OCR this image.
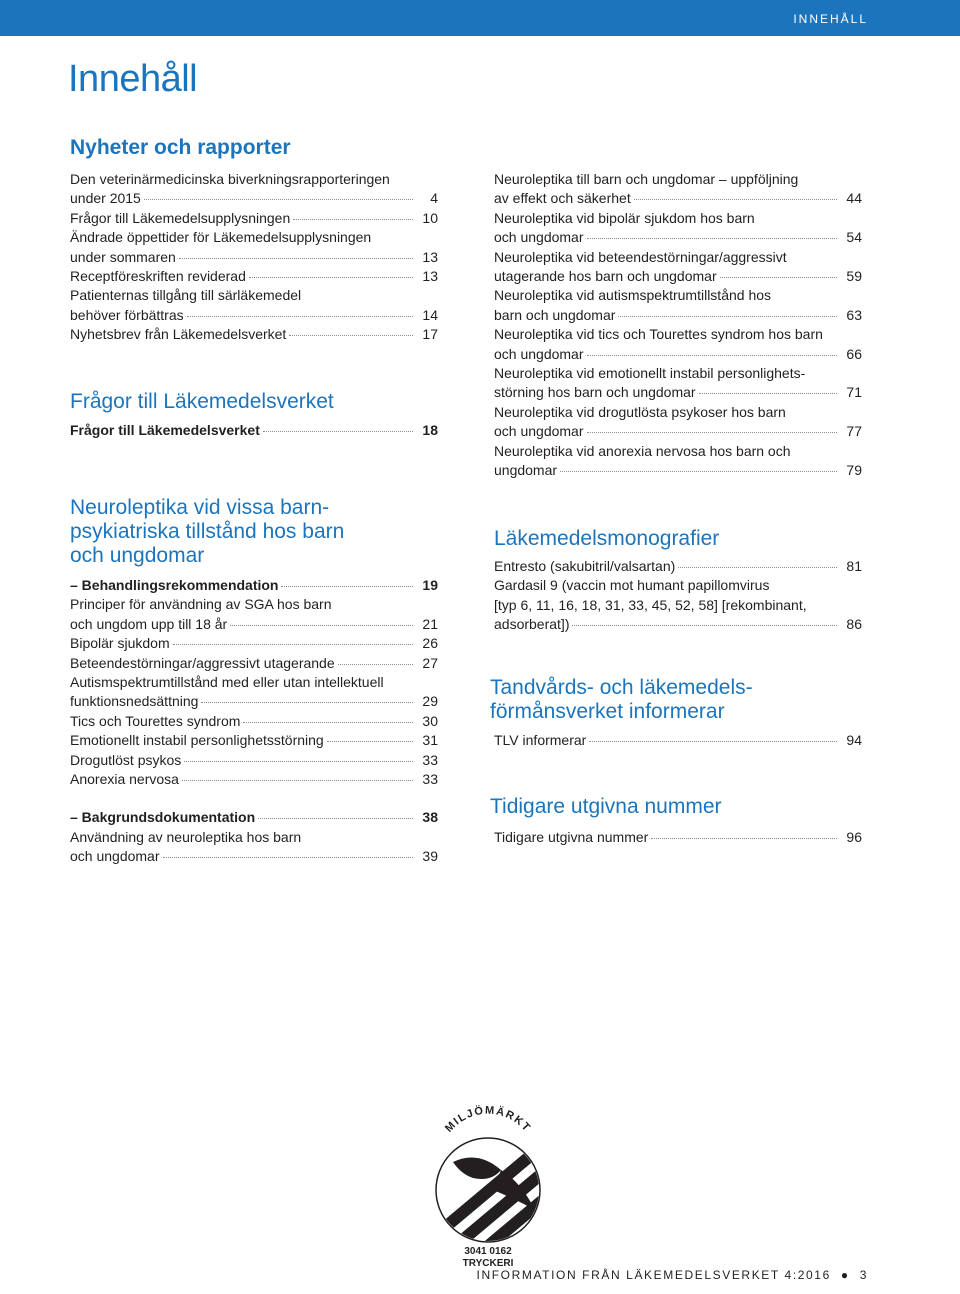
INNEHÅLL
Innehåll
Nyheter och rapporter
Den veterinärmedicinska biverkningsrapporteringen
under 2015	4
Frågor till Läkemedelsupplysningen	10
Ändrade öppettider för Läkemedelsupplysningen
under sommaren	13
Receptföreskriften reviderad	13
Patienternas tillgång till särläkemedel
behöver förbättras	14
Nyhetsbrev från Läkemedelsverket	17
Frågor till Läkemedelsverket
Frågor till Läkemedelsverket	18
Neuroleptika vid vissa barn-
psykiatriska tillstånd hos barn
och ungdomar
– Behandlingsrekommendation	19
Principer för användning av SGA hos barn
och ungdom upp till 18 år	21
Bipolär sjukdom	26
Beteendestörningar/aggressivt utagerande	27
Autismspektrumtillstånd med eller utan intellektuell
funktionsnedsättning	29
Tics och Tourettes syndrom	30
Emotionellt instabil personlighetsstörning	31
Drogutlöst psykos	33
Anorexia nervosa	33
– Bakgrundsdokumentation	38
Användning av neuroleptika hos barn
och ungdomar	39
Neuroleptika till barn och ungdomar – uppföljning
av effekt och säkerhet	44
Neuroleptika vid bipolär sjukdom hos barn
och ungdomar	54
Neuroleptika vid beteendestörningar/aggressivt
utagerande hos barn och ungdomar	59
Neuroleptika vid autismspektrumtillstånd hos
barn och ungdomar	63
Neuroleptika vid tics och Tourettes syndrom hos barn
och ungdomar	66
Neuroleptika vid emotionellt instabil personlighets-
störning hos barn och ungdomar	71
Neuroleptika vid drogutlösta psykoser hos barn
och ungdomar	77
Neuroleptika vid anorexia nervosa hos barn och
ungdomar	79
Läkemedelsmonografier
Entresto (sakubitril/valsartan)	81
Gardasil 9 (vaccin mot humant papillomvirus
[typ 6, 11, 16, 18, 31, 33, 45, 52, 58] [rekombinant,
adsorberat])	86
Tandvårds- och läkemedels-
förmånsverket informerar
TLV informerar	94
Tidigare utgivna nummer
Tidigare utgivna nummer	96
MILJÖMÄRKT
3041 0162
TRYCKERI
INFORMATION FRÅN LÄKEMEDELSVERKET 4:2016 ● 3
